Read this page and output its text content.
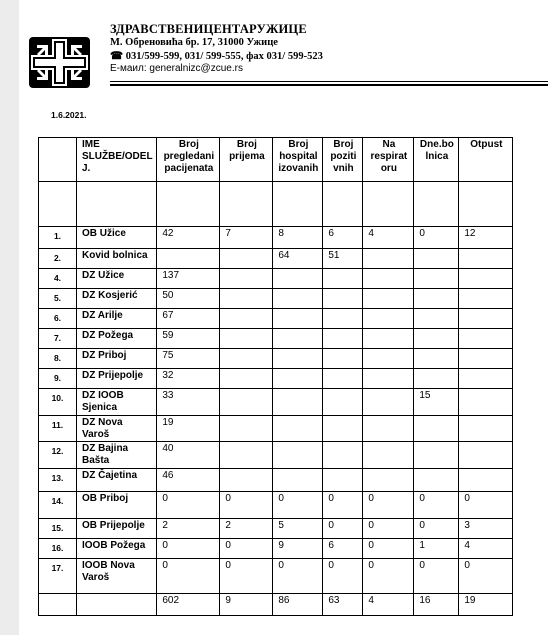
ЗДРАВСТВЕНИЦЕНТАРУЖИЦЕ
М. Обреновића бр. 17, 31000 Ужице
☎ 031/599-599, 031/ 599-555, фах 031/ 599-523
Е-маил: generalnizc@zcue.rs
1.6.2021.
	IME SLUŽBE/ODEL J.	Broj pregledani pacijenata	Broj prijema	Broj hospital izovanih	Broj poziti vnih	Na respirat oru	Dne.bo lnica	Otpust

1.	OB Užice	42	7	8	6	4	0	12
2.	Kovid bolnica			64	51			
4.	DZ Užice	137						
5.	DZ Kosjerić	50						
6.	DZ Arilje	67						
7.	DZ Požega	59						
8.	DZ Priboj	75						
9.	DZ Prijepolje	32						
10.	DZ IOOB Sjenica	33					15	
11.	DZ Nova Varoš	19						
12.	DZ Bajina Bašta	40						
13.	DZ Čajetina	46						
14.	OB Priboj	0	0	0	0	0	0	0
15.	OB Prijepolje	2	2	5	0	0	0	3
16.	IOOB Požega	0	0	9	6	0	1	4
17.	IOOB Nova Varoš	0	0	0	0	0	0	0
		602	9	86	63	4	16	19
